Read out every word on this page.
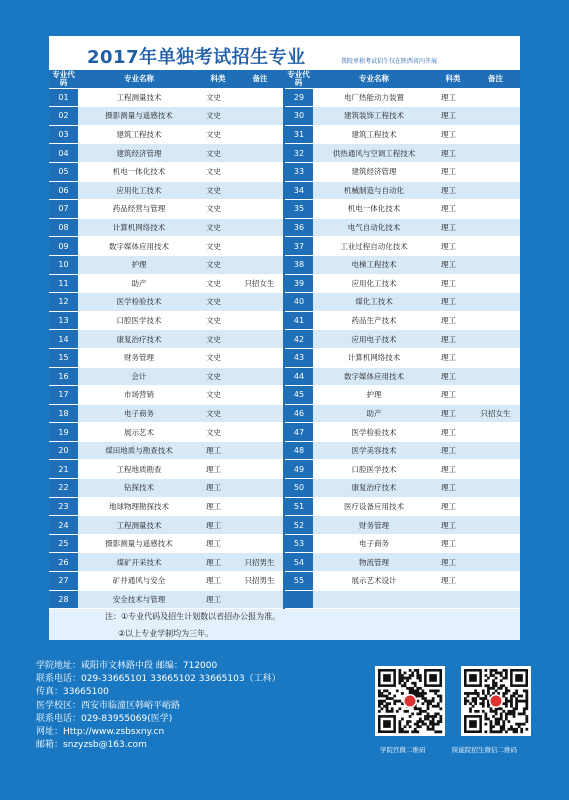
2017年单独考试招生专业	我院单独考试招生仅在陕西省内开展
专业代码	专业名称	科类	备注	专业代码	专业名称	科类	备注
01	工程测量技术	文史		29	电厂热能动力装置	理工	
02	摄影测量与遥感技术	文史		30	建筑装饰工程技术	理工	
03	建筑工程技术	文史		31	建筑工程技术	理工	
04	建筑经济管理	文史		32	供热通风与空调工程技术	理工	
05	机电一体化技术	文史		33	建筑经济管理	理工	
06	应用化工技术	文史		34	机械制造与自动化	理工	
07	药品经营与管理	文史		35	机电一体化技术	理工	
08	计算机网络技术	文史		36	电气自动化技术	理工	
09	数字媒体应用技术	文史		37	工业过程自动化技术	理工	
10	护理	文史		38	电梯工程技术	理工	
11	助产	文史	只招女生	39	应用化工技术	理工	
12	医学检验技术	文史		40	煤化工技术	理工	
13	口腔医学技术	文史		41	药品生产技术	理工	
14	康复治疗技术	文史		42	应用电子技术	理工	
15	财务管理	文史		43	计算机网络技术	理工	
16	会计	文史		44	数字媒体应用技术	理工	
17	市场营销	文史		45	护理	理工	
18	电子商务	文史		46	助产	理工	只招女生
19	展示艺术	文史		47	医学检验技术	理工	
20	煤田地质与勘查技术	理工		48	医学美容技术	理工	
21	工程地质勘查	理工		49	口腔医学技术	理工	
22	钻探技术	理工		50	康复治疗技术	理工	
23	地球物理勘探技术	理工		51	医疗设备应用技术	理工	
24	工程测量技术	理工		52	财务管理	理工	
25	摄影测量与遥感技术	理工		53	电子商务	理工	
26	煤矿开采技术	理工	只招男生	54	物流管理	理工	
27	矿井通风与安全	理工	只招男生	55	展示艺术设计	理工	
28	安全技术与管理	理工					
注：①专业代码及招生计划数以省招办公报为准。
②以上专业学制均为三年。
学院地址：咸阳市文林路中段 邮编：712000
联系电话：029-33665101 33665102 33665103（工科）
传真：33665100
医学校区：西安市临潼区韩峪平峪路
联系电话：029-83955069(医学)
网址：Http://www.zsbsxny.cn
邮箱：snzyzsb@163.com	学院官微二维码	陕能院招生微信二维码
